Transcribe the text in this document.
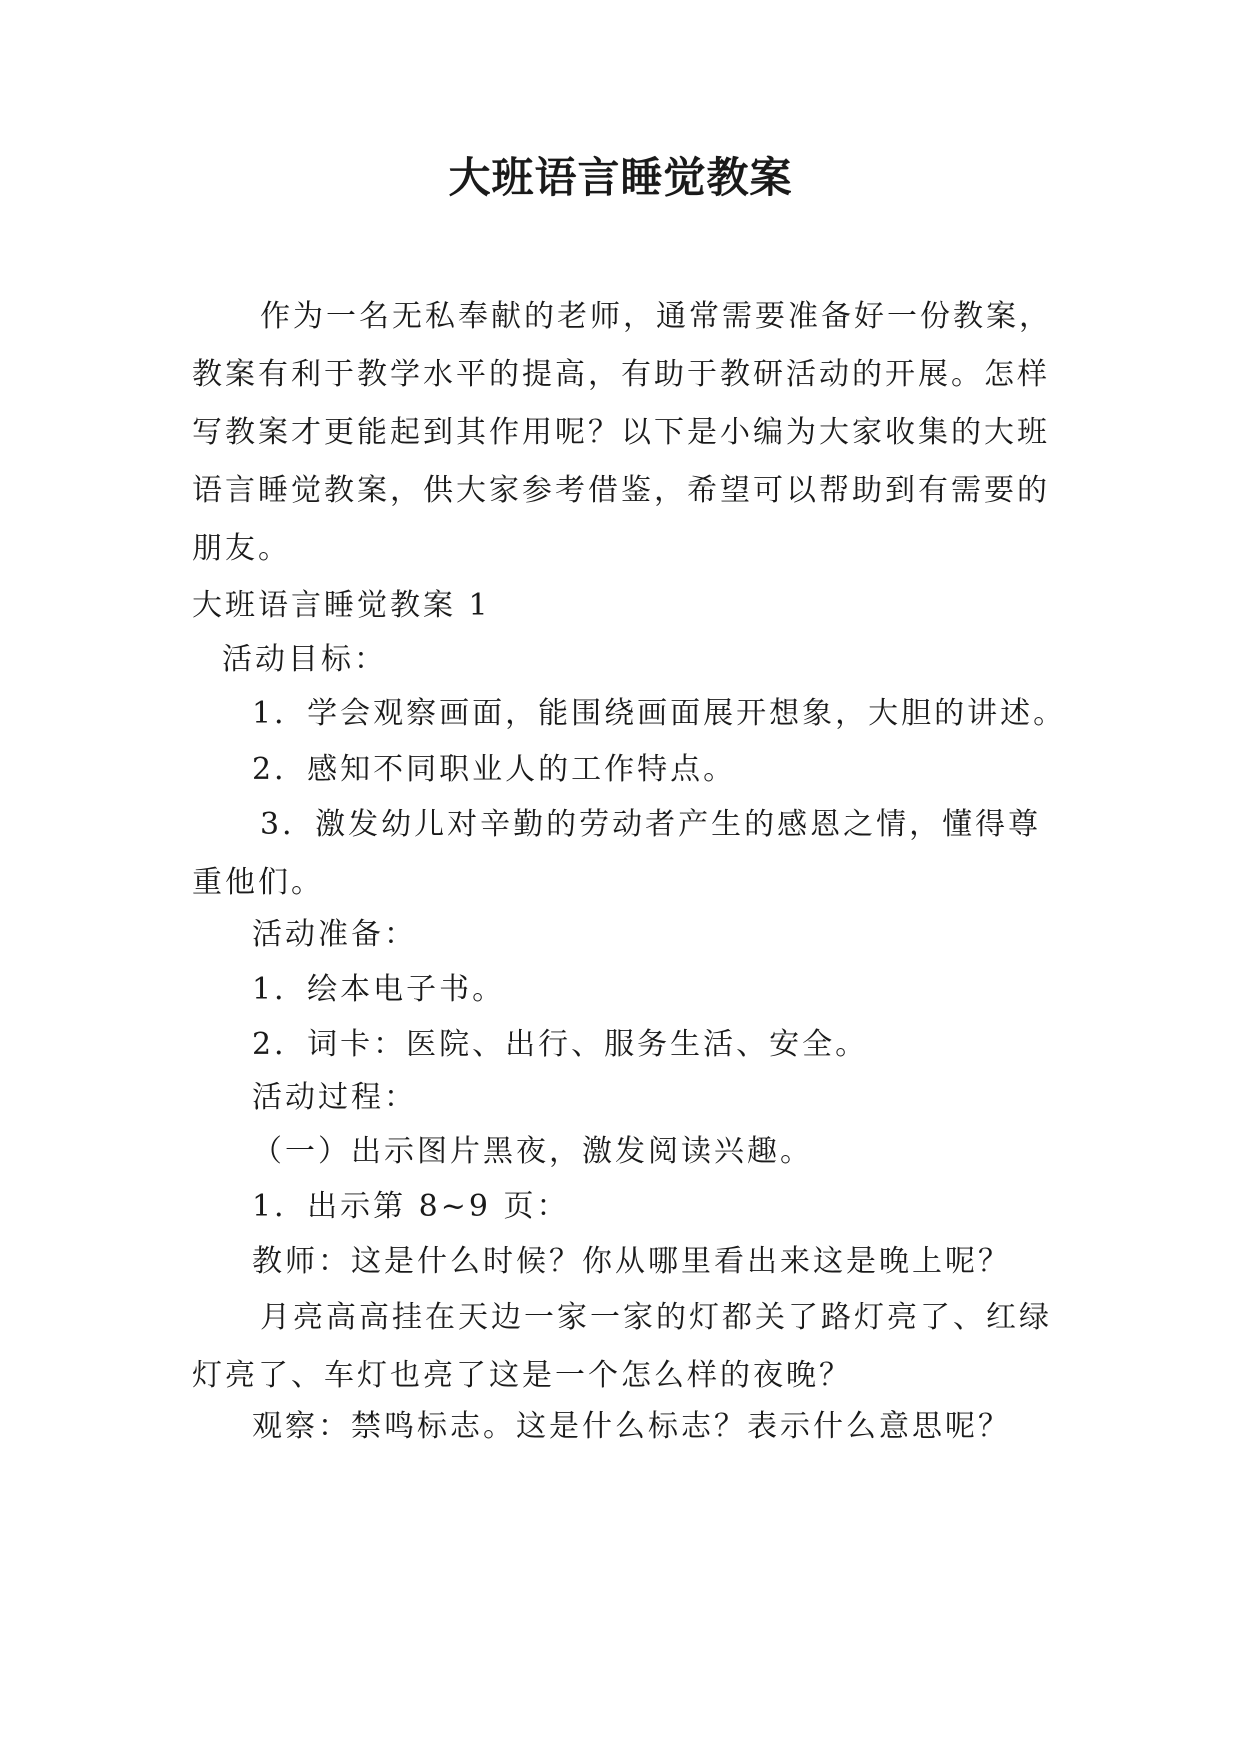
大班语言睡觉教案

作为一名无私奉献的老师，通常需要准备好一份教案，教案有利于教学水平的提高，有助于教研活动的开展。怎样写教案才更能起到其作用呢？以下是小编为大家收集的大班语言睡觉教案，供大家参考借鉴，希望可以帮助到有需要的朋友。

大班语言睡觉教案 1

活动目标：

1．学会观察画面，能围绕画面展开想象，大胆的讲述。

2．感知不同职业人的工作特点。

3．激发幼儿对辛勤的劳动者产生的感恩之情，懂得尊重他们。

活动准备：

1．绘本电子书。

2．词卡：医院、出行、服务生活、安全。

活动过程：

（一）出示图片黑夜，激发阅读兴趣。

1．出示第 8~9 页：

教师：这是什么时候？你从哪里看出来这是晚上呢？

月亮高高挂在天边一家一家的灯都关了路灯亮了、红绿灯亮了、车灯也亮了这是一个怎么样的夜晚？

观察：禁鸣标志。这是什么标志？表示什么意思呢？
